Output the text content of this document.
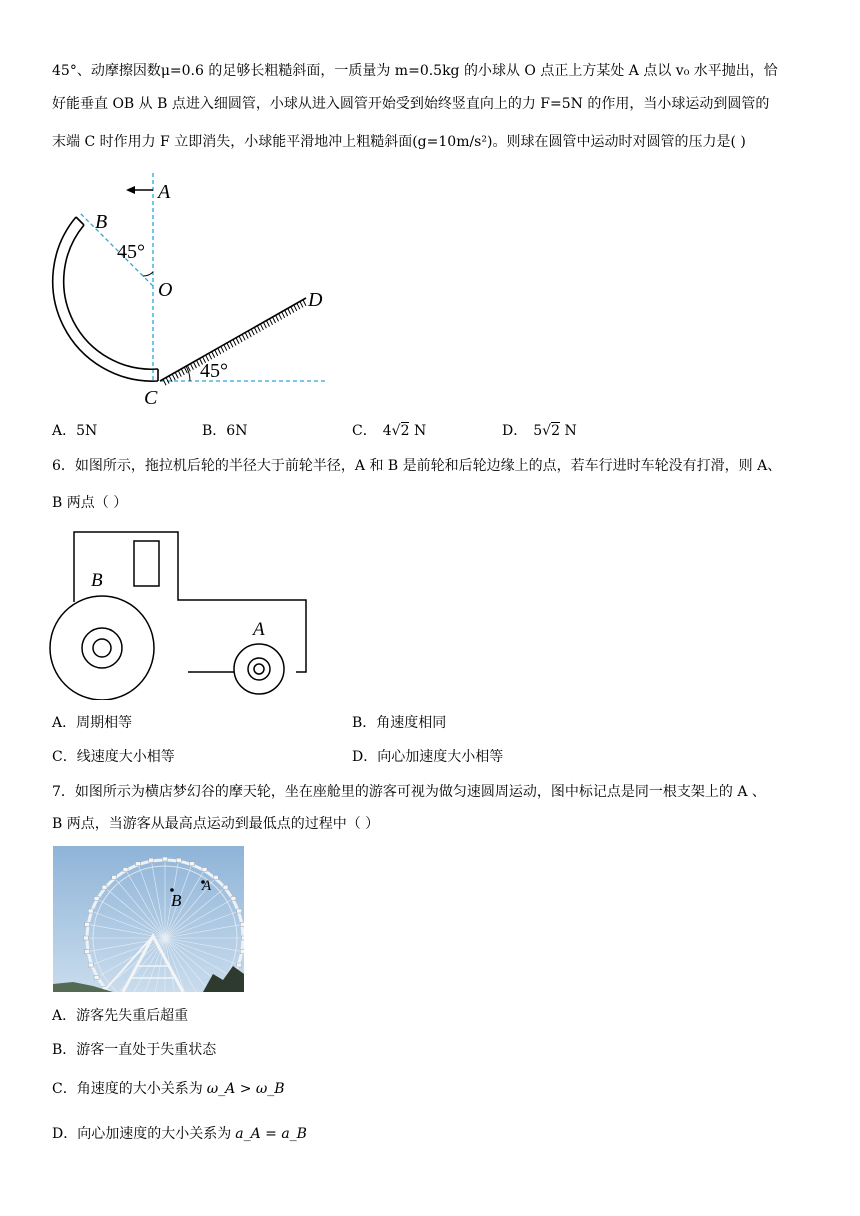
45°、动摩擦因数μ=0.6 的足够长粗糙斜面，一质量为 m=0.5kg 的小球从 O 点正上方某处 A 点以 v₀ 水平抛出，恰
好能垂直 OB 从 B 点进入细圆管，小球从进入圆管开始受到始终竖直向上的力 F=5N 的作用，当小球运动到圆管的
末端 C 时作用力 F 立即消失，小球能平滑地冲上粗糙斜面(g=10m/s²)。则球在圆管中运动时对圆管的压力是( )
A
B
45°
O	D
45°
C
A．5N	B．6N	C． 4√2 N	D． 5√2 N
6．如图所示，拖拉机后轮的半径大于前轮半径，A 和 B 是前轮和后轮边缘上的点，若车行进时车轮没有打滑，则 A、
B 两点（ ）
B
A
A．周期相等	B．角速度相同
C．线速度大小相等	D．向心加速度大小相等
7．如图所示为横店梦幻谷的摩天轮，坐在座舱里的游客可视为做匀速圆周运动，图中标记点是同一根支架上的 A 、
B 两点，当游客从最高点运动到最低点的过程中（ ）
B
A
A．游客先失重后超重
B．游客一直处于失重状态
C．角速度的大小关系为 ω_A > ω_B
D．向心加速度的大小关系为 a_A = a_B
